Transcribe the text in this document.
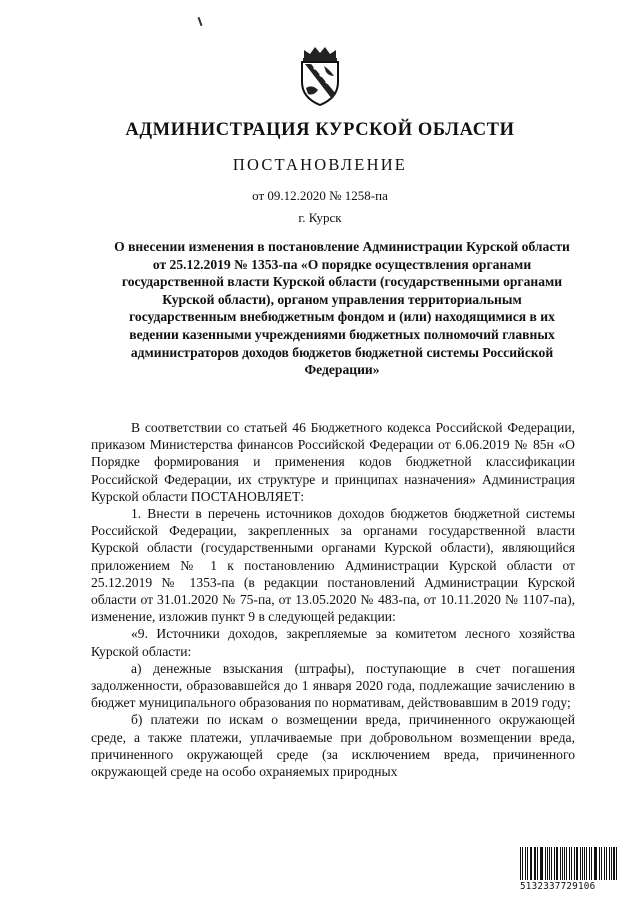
АДМИНИСТРАЦИЯ КУРСКОЙ ОБЛАСТИ
ПОСТАНОВЛЕНИЕ
от 09.12.2020 № 1258-па
г. Курск
О внесении изменения в постановление Администрации Курской области от 25.12.2019 № 1353-па «О порядке осуществления органами государственной власти Курской области (государственными органами Курской области), органом управления территориальным государственным внебюджетным фондом и (или) находящимися в их ведении казенными учреждениями бюджетных полномочий главных администраторов доходов бюджетов бюджетной системы Российской Федерации»

В соответствии со статьей 46 Бюджетного кодекса Российской Федерации, приказом Министерства финансов Российской Федерации от 6.06.2019 № 85н «О Порядке формирования и применения кодов бюджетной классификации Российской Федерации, их структуре и принципах назначения» Администрация Курской области ПОСТАНОВЛЯЕТ:

1. Внести в перечень источников доходов бюджетов бюджетной системы Российской Федерации, закрепленных за органами государственной власти Курской области (государственными органами Курской области), являющийся приложением № 1 к постановлению Администрации Курской области от 25.12.2019 № 1353-па (в редакции постановлений Администрации Курской области от 31.01.2020 № 75-па, от 13.05.2020 № 483-па, от 10.11.2020 № 1107-па), изменение, изложив пункт 9 в следующей редакции:

«9. Источники доходов, закрепляемые за комитетом лесного хозяйства Курской области:

а) денежные взыскания (штрафы), поступающие в счет погашения задолженности, образовавшейся до 1 января 2020 года, подлежащие зачислению в бюджет муниципального образования по нормативам, действовавшим в 2019 году;

б) платежи по искам о возмещении вреда, причиненного окружающей среде, а также платежи, уплачиваемые при добровольном возмещении вреда, причиненного окружающей среде (за исключением вреда, причиненного окружающей среде на особо охраняемых природных

5132337729106
